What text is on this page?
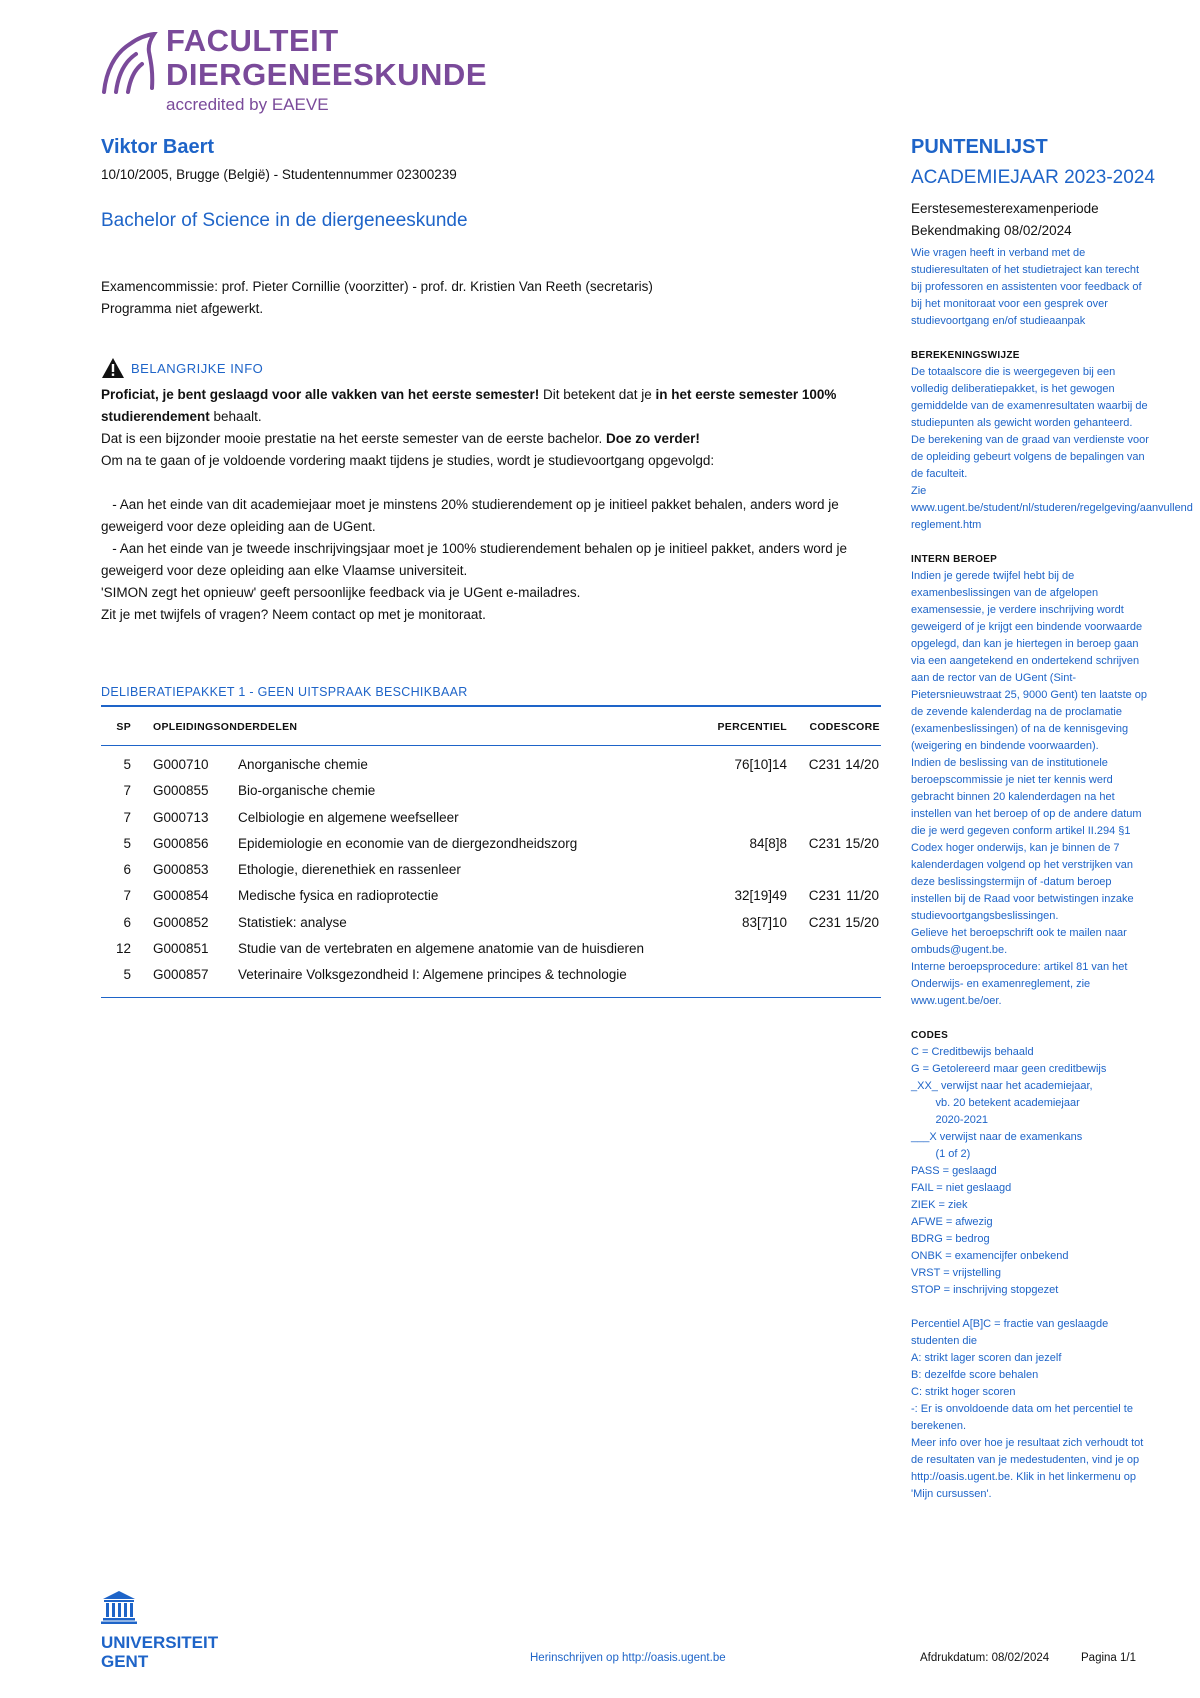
FACULTEIT
DIERGENEESKUNDE
accredited by EAEVE
Viktor Baert
10/10/2005, Brugge (België) - Studentennummer 02300239
Bachelor of Science in de diergeneeskunde
Examencommissie: prof. Pieter Cornillie (voorzitter) - prof. dr. Kristien Van Reeth (secretaris)
Programma niet afgewerkt.
BELANGRIJKE INFO

Proficiat, je bent geslaagd voor alle vakken van het eerste semester! Dit betekent dat je in het eerste semester 100% studierendement behaalt.

Dat is een bijzonder mooie prestatie na het eerste semester van de eerste bachelor. Doe zo verder!

Om na te gaan of je voldoende vordering maakt tijdens je studies, wordt je studievoortgang opgevolgd:

- Aan het einde van dit academiejaar moet je minstens 20% studierendement op je initieel pakket behalen, anders word je geweigerd voor deze opleiding aan de UGent.

- Aan het einde van je tweede inschrijvingsjaar moet je 100% studierendement behalen op je initieel pakket, anders word je geweigerd voor deze opleiding aan elke Vlaamse universiteit.

'SIMON zegt het opnieuw' geeft persoonlijke feedback via je UGent e-mailadres.

Zit je met twijfels of vragen? Neem contact op met je monitoraat.

DELIBERATIEPAKKET 1 - GEEN UITSPRAAK BESCHIKBAAR
SP OPLEIDINGSONDERDELEN	PERCENTIEL	CODE SCORE
5 G000710 Anorganische chemie	76[10]14	C231 14/20
7 G000855 Bio-organische chemie
7 G000713 Celbiologie en algemene weefselleer
5 G000856 Epidemiologie en economie van de diergezondheidszorg	84[8]8	C231 15/20
6 G000853 Ethologie, dierenethiek en rassenleer
7 G000854 Medische fysica en radioprotectie	32[19]49	C231 11/20
6 G000852 Statistiek: analyse	83[7]10	C231 15/20
12 G000851 Studie van de vertebraten en algemene anatomie van de huisdieren
5 G000857 Veterinaire Volksgezondheid I: Algemene principes & technologie
PUNTENLIJST
ACADEMIEJAAR 2023-2024
Eerstesemesterexamenperiode
Bekendmaking 08/02/2024

Wie vragen heeft in verband met de studieresultaten of het studietraject kan terecht bij professoren en assistenten voor feedback of bij het monitoraat voor een gesprek over studievoortgang en/of studieaanpak

BEREKENINGSWIJZE

De totaalscore die is weergegeven bij een volledig deliberatiepakket, is het gewogen gemiddelde van de examenresultaten waarbij de studiepunten als gewicht worden gehanteerd.

De berekening van de graad van verdienste voor de opleiding gebeurt volgens de bepalingen van de faculteit.

Zie www.ugent.be/student/nl/studeren/regelgeving/aanvullend reglement.htm

INTERN BEROEP

Indien je gerede twijfel hebt bij de examenbeslissingen van de afgelopen examensessie, je verdere inschrijving wordt geweigerd of je krijgt een bindende voorwaarde opgelegd, dan kan je hiertegen in beroep gaan via een aangetekend en ondertekend schrijven aan de rector van de UGent (Sint-Pietersnieuwstraat 25, 9000 Gent) ten laatste op de zevende kalenderdag na de proclamatie (examenbeslissingen) of na de kennisgeving (weigering en bindende voorwaarden).

Indien de beslissing van de institutionele beroepscommissie je niet ter kennis werd gebracht binnen 20 kalenderdagen na het instellen van het beroep of op de andere datum die je werd gegeven conform artikel II.294 §1 Codex hoger onderwijs, kan je binnen de 7 kalenderdagen volgend op het verstrijken van deze beslissingstermijn of -datum beroep instellen bij de Raad voor betwistingen inzake studievoortgangsbeslissingen.

Gelieve het beroepschrift ook te mailen naar ombuds@ugent.be.

Interne beroepsprocedure: artikel 81 van het Onderwijs- en examenreglement, zie www.ugent.be/oer.

CODES

C = Creditbewijs behaald

G = Getolereerd maar geen creditbewijs

_XX_ verwijst naar het academiejaar,

vb. 20 betekent academiejaar

2020-2021

___X verwijst naar de examenkans

(1 of 2)

PASS = geslaagd

FAIL = niet geslaagd

ZIEK = ziek

AFWE = afwezig

BDRG = bedrog

ONBK = examencijfer onbekend

VRST = vrijstelling

STOP = inschrijving stopgezet

Percentiel A[B]C = fractie van geslaagde studenten die

A: strikt lager scoren dan jezelf

B: dezelfde score behalen

C: strikt hoger scoren

-: Er is onvoldoende data om het percentiel te berekenen.

Meer info over hoe je resultaat zich verhoudt tot de resultaten van je medestudenten, vind je op http://oasis.ugent.be. Klik in het linkermenu op 'Mijn cursussen'.

UNIVERSITEIT
GENT	Herinschrijven op http://oasis.ugent.be	Afdrukdatum: 08/02/2024	Pagina 1/1
